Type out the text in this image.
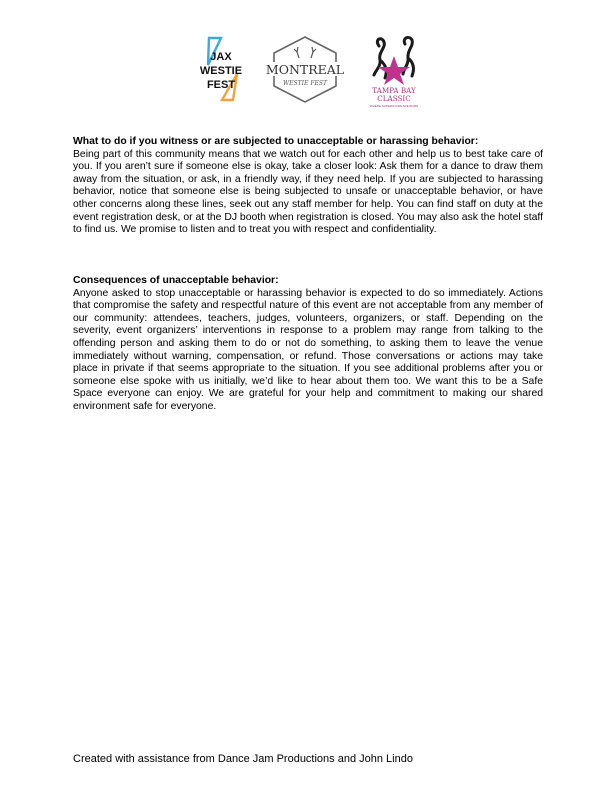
JAX
WESTIE
FEST
MONTREAL
WESTIE FEST
TAMPA BAY
CLASSIC
WHERE SUPERSTARS ARE BORN
What to do if you witness or are subjected to unacceptable or harassing behavior:

Being part of this community means that we watch out for each other and help us to best take care of you. If you aren’t sure if someone else is okay, take a closer look: Ask them for a dance to draw them away from the situation, or ask, in a friendly way, if they need help. If you are subjected to harassing behavior, notice that someone else is being subjected to unsafe or unacceptable behavior, or have other concerns along these lines, seek out any staff member for help. You can find staff on duty at the event registration desk, or at the DJ booth when registration is closed. You may also ask the hotel staff to find us. We promise to listen and to treat you with respect and confidentiality.

Consequences of unacceptable behavior:

Anyone asked to stop unacceptable or harassing behavior is expected to do so immediately. Actions that compromise the safety and respectful nature of this event are not acceptable from any member of our community: attendees, teachers, judges, volunteers, organizers, or staff. Depending on the severity, event organizers’ interventions in response to a problem may range from talking to the offending person and asking them to do or not do something, to asking them to leave the venue immediately without warning, compensation, or refund. Those conversations or actions may take place in private if that seems appropriate to the situation. If you see additional problems after you or someone else spoke with us initially, we’d like to hear about them too. We want this to be a Safe Space everyone can enjoy. We are grateful for your help and commitment to making our shared environment safe for everyone.

Created with assistance from Dance Jam Productions and John Lindo
